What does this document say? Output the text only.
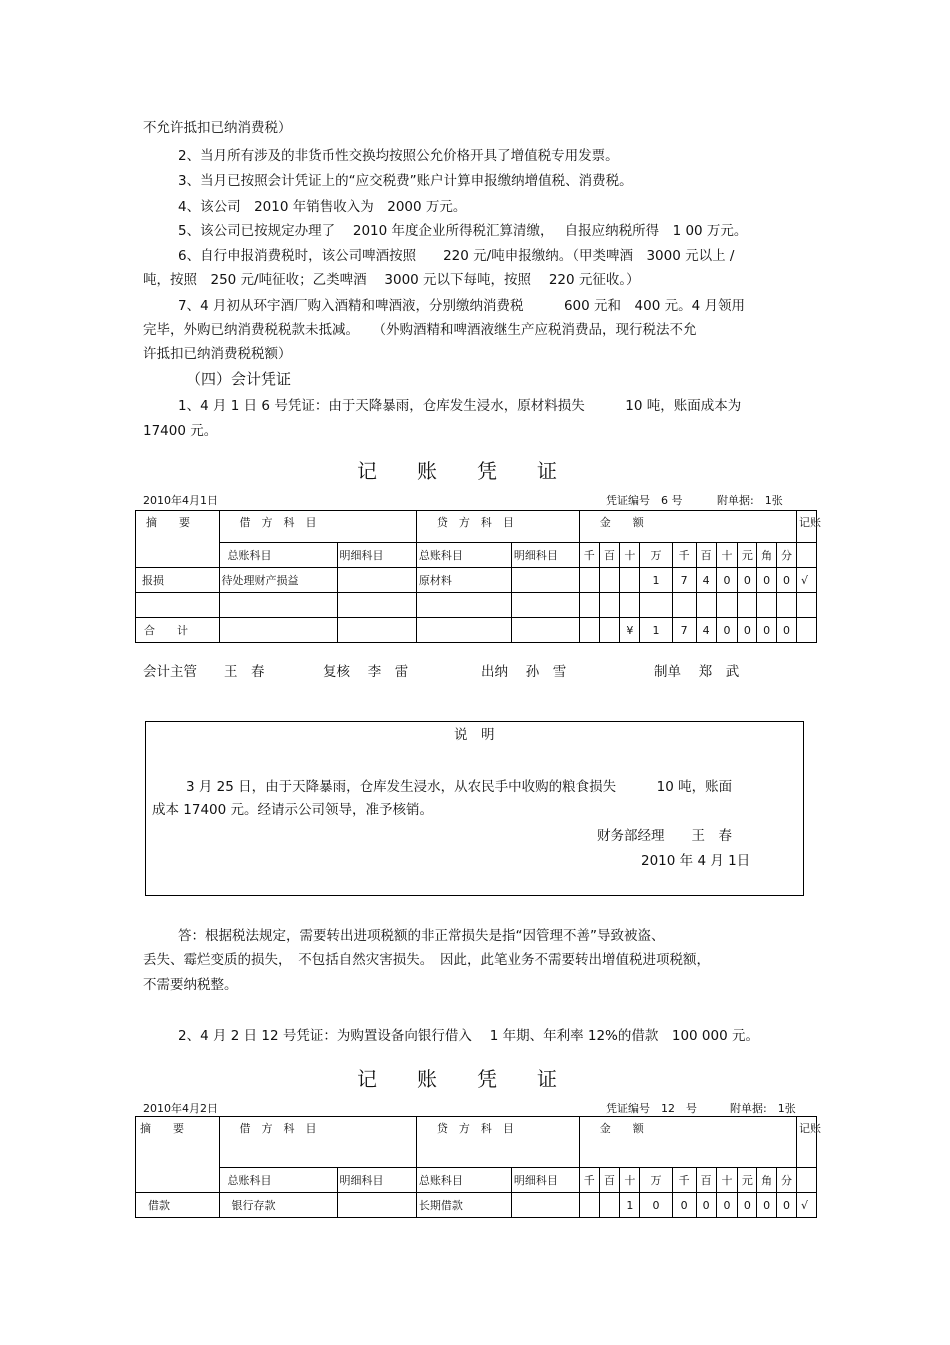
不允许抵扣已纳消费税）
2、当月所有涉及的非货币性交换均按照公允价格开具了增值税专用发票。
3、当月已按照会计凭证上的“应交税费”账户计算申报缴纳增值税、消费税。
4、该公司　2010 年销售收入为　2000 万元。
5、该公司已按规定办理了　 2010 年度企业所得税汇算清缴，　 自报应纳税所得　1 00 万元。
6、自行申报消费税时，该公司啤酒按照　　220 元/吨申报缴纳。（甲类啤酒　3000 元以上 /
吨，按照　250 元/吨征收；乙类啤酒　 3000 元以下每吨，按照　 220 元征收。）
7、4 月初从环宇酒厂购入酒精和啤酒液，分别缴纳消费税　　　600 元和　400 元。4 月领用
完毕，外购已纳消费税税款未抵减。　　（外购酒精和啤酒液继生产应税消费品，现行税法不允
许抵扣已纳消费税税额）
（四）会计凭证
1、4 月 1 日 6 号凭证：由于天降暴雨，仓库发生浸水，原材料损失　　　10 吨，账面成本为
17400 元。
记　　账　　凭　　证
2010年4月1日	凭证编号　6 号	附单据:　1张
摘　　要	借　方　科　目		贷　方　科　目		金　　额										记账
	总账科目	明细科目	总账科目	明细科目	千	百	十	万	千	百	十	元	角	分	
报损	待处理财产损益		原材料					1	7	4	0	0	0	0	√

合　　计							¥	1	7	4	0	0	0	0	
会计主管　　王　春	复核　 李　雷	出纳　 孙　雪	制单　 郑　武
说　明
3 月 25 日，由于天降暴雨，仓库发生浸水，从农民手中收购的粮食损失　　　10 吨，账面
成本 17400 元。经请示公司领导，准予核销。
财务部经理　　王　春
2010 年 4 月 1日
答：根据税法规定，需要转出进项税额的非正常损失是指“因管理不善”导致被盗、
丢失、霉烂变质的损失，　不包括自然灾害损失。　因此，此笔业务不需要转出增值税进项税额，
不需要纳税整。
2、4 月 2 日 12 号凭证：为购置设备向银行借入　 1 年期、年利率 12%的借款　100 000 元。
记　　账　　凭　　证
2010年4月2日	凭证编号　12　号	附单据:　1张
摘　　要	借　方　科　目		贷　方　科　目		金　　额										记账
	总账科目	明细科目	总账科目	明细科目	千	百	十	万	千	百	十	元	角	分	
借款	银行存款		长期借款				1	0	0	0	0	0	0	0	√
